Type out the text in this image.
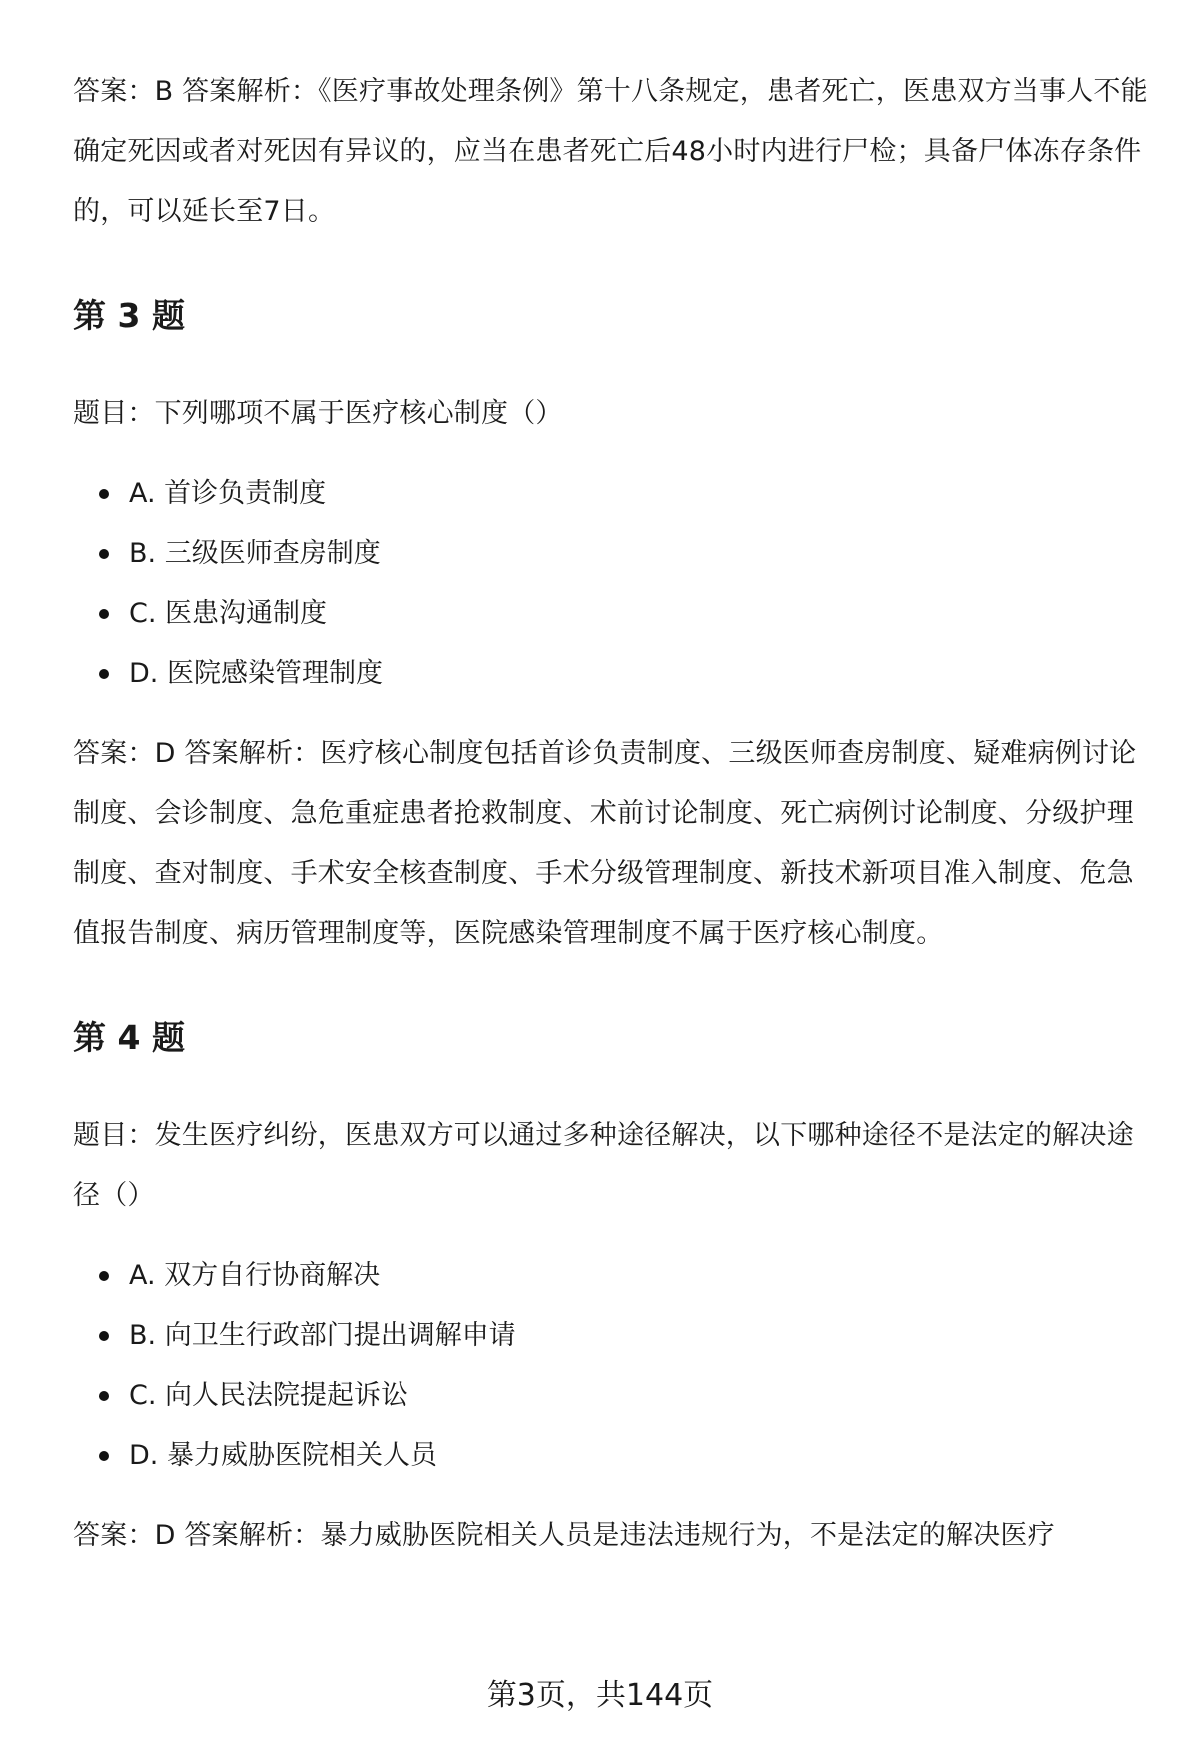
答案：B 答案解析：《医疗事故处理条例》第十八条规定，患者死亡，医患双方当事人不能确定死因或者对死因有异议的，应当在患者死亡后48小时内进行尸检；具备尸体冻存条件的，可以延长至7日。

第 3 题

题目：下列哪项不属于医疗核心制度（）

A. 首诊负责制度
B. 三级医师查房制度
C. 医患沟通制度
D. 医院感染管理制度

答案：D 答案解析：医疗核心制度包括首诊负责制度、三级医师查房制度、疑难病例讨论制度、会诊制度、急危重症患者抢救制度、术前讨论制度、死亡病例讨论制度、分级护理制度、查对制度、手术安全核查制度、手术分级管理制度、新技术新项目准入制度、危急值报告制度、病历管理制度等，医院感染管理制度不属于医疗核心制度。

第 4 题

题目：发生医疗纠纷，医患双方可以通过多种途径解决，以下哪种途径不是法定的解决途径（）

A. 双方自行协商解决
B. 向卫生行政部门提出调解申请
C. 向人民法院提起诉讼
D. 暴力威胁医院相关人员

答案：D 答案解析：暴力威胁医院相关人员是违法违规行为，不是法定的解决医疗

第3页，共144页
